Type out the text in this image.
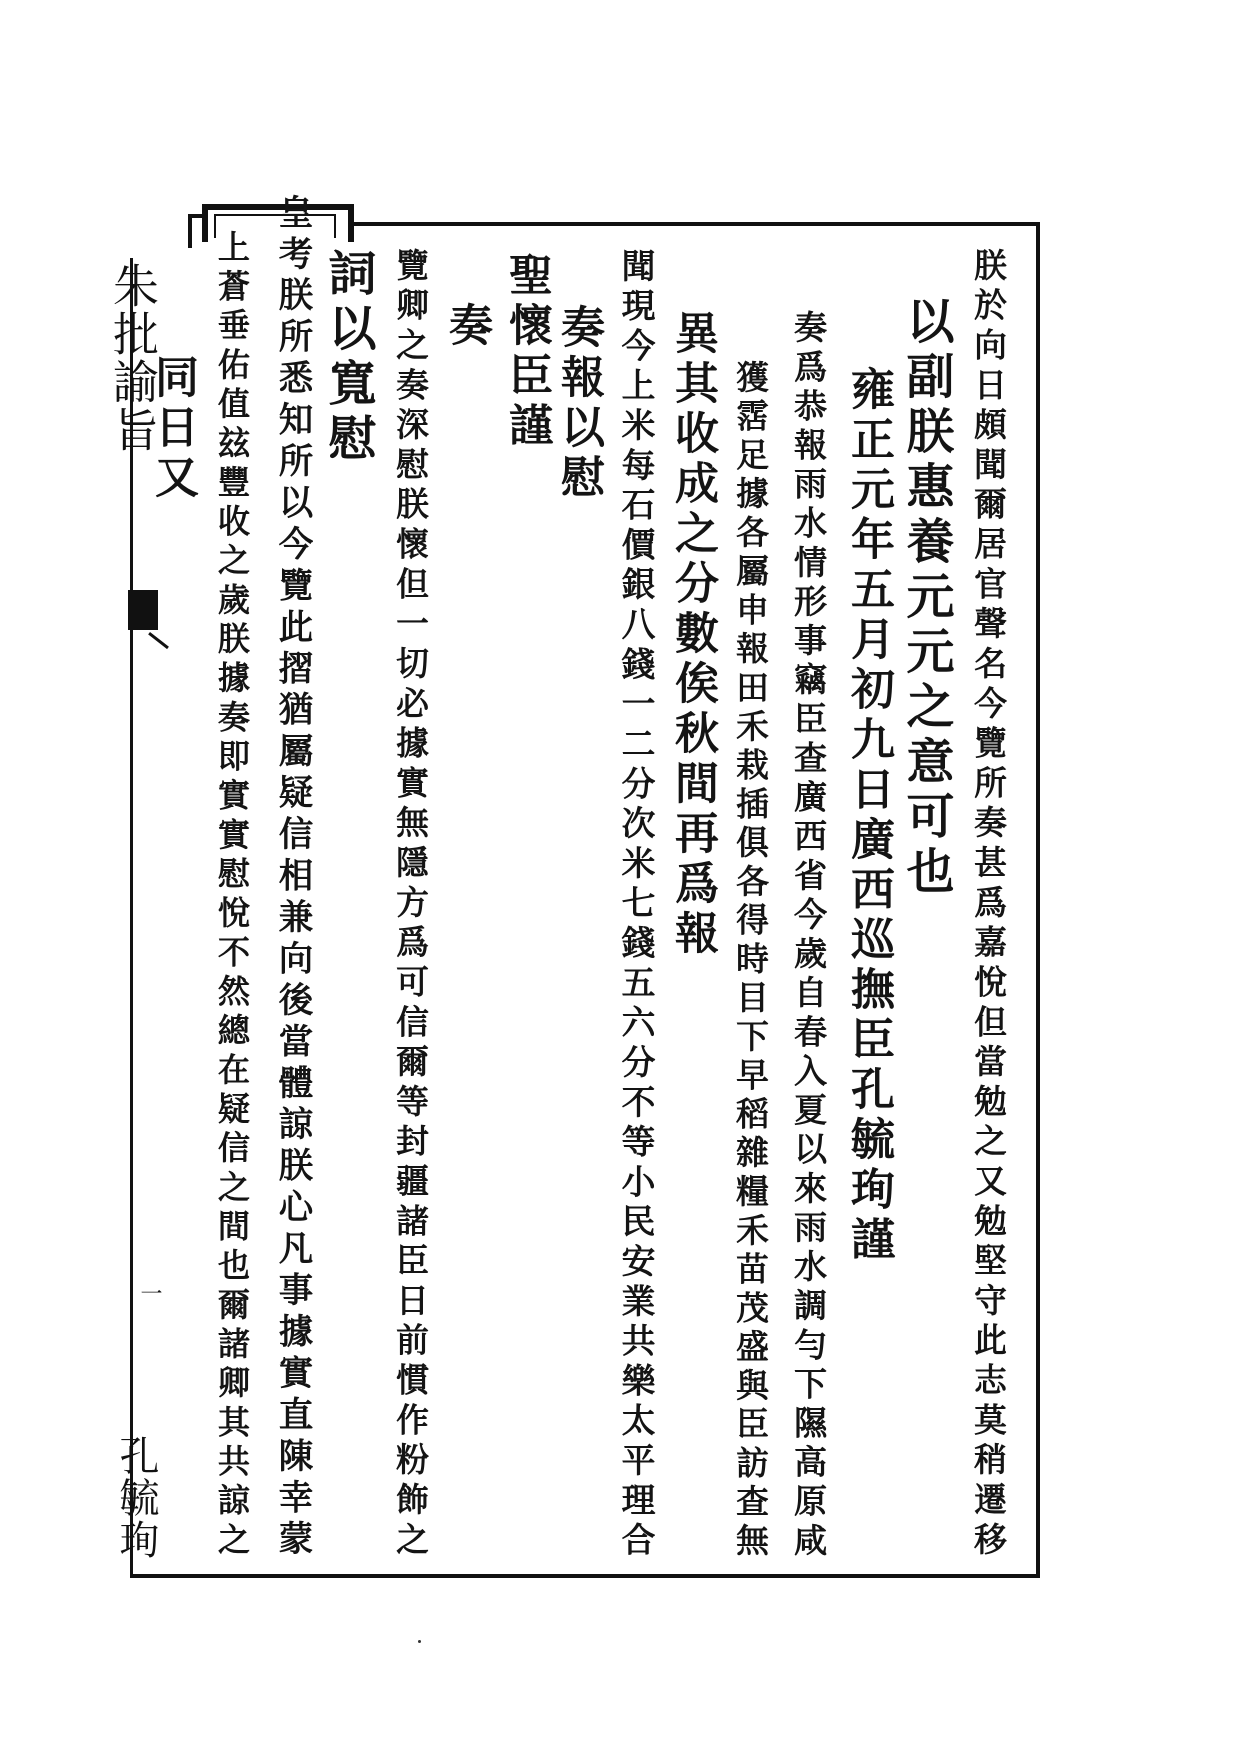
朱批諭旨
一
孔毓珣	朕於向日頗聞爾居官聲名今覽所奏甚爲嘉悅但當勉之又勉堅守此志莫稍遷移
以副朕惠養元元之意可也
雍正元年五月初九日廣西巡撫臣孔毓珣謹
奏爲恭報雨水情形事竊臣查廣西省今歲自春入夏以來雨水調勻下隰高原咸
獲霑足據各屬申報田禾栽插俱各得時目下早稻雜糧禾苗茂盛與臣訪查無
異其收成之分數俟秋間再爲報
聞現今上米每石價銀八錢一二分次米七錢五六分不等小民安業共樂太平理合
奏報以慰
聖懷臣謹
奏
覽卿之奏深慰朕懷但一切必據實無隱方爲可信爾等封疆諸臣日前慣作粉飾之
詞以寬慰
皇考朕所悉知所以今覽此摺猶屬疑信相兼向後當體諒朕心凡事據實直陳幸蒙
上蒼垂佑值玆豐收之歲朕據奏即實實慰悅不然總在疑信之間也爾諸卿其共諒之
同日又
